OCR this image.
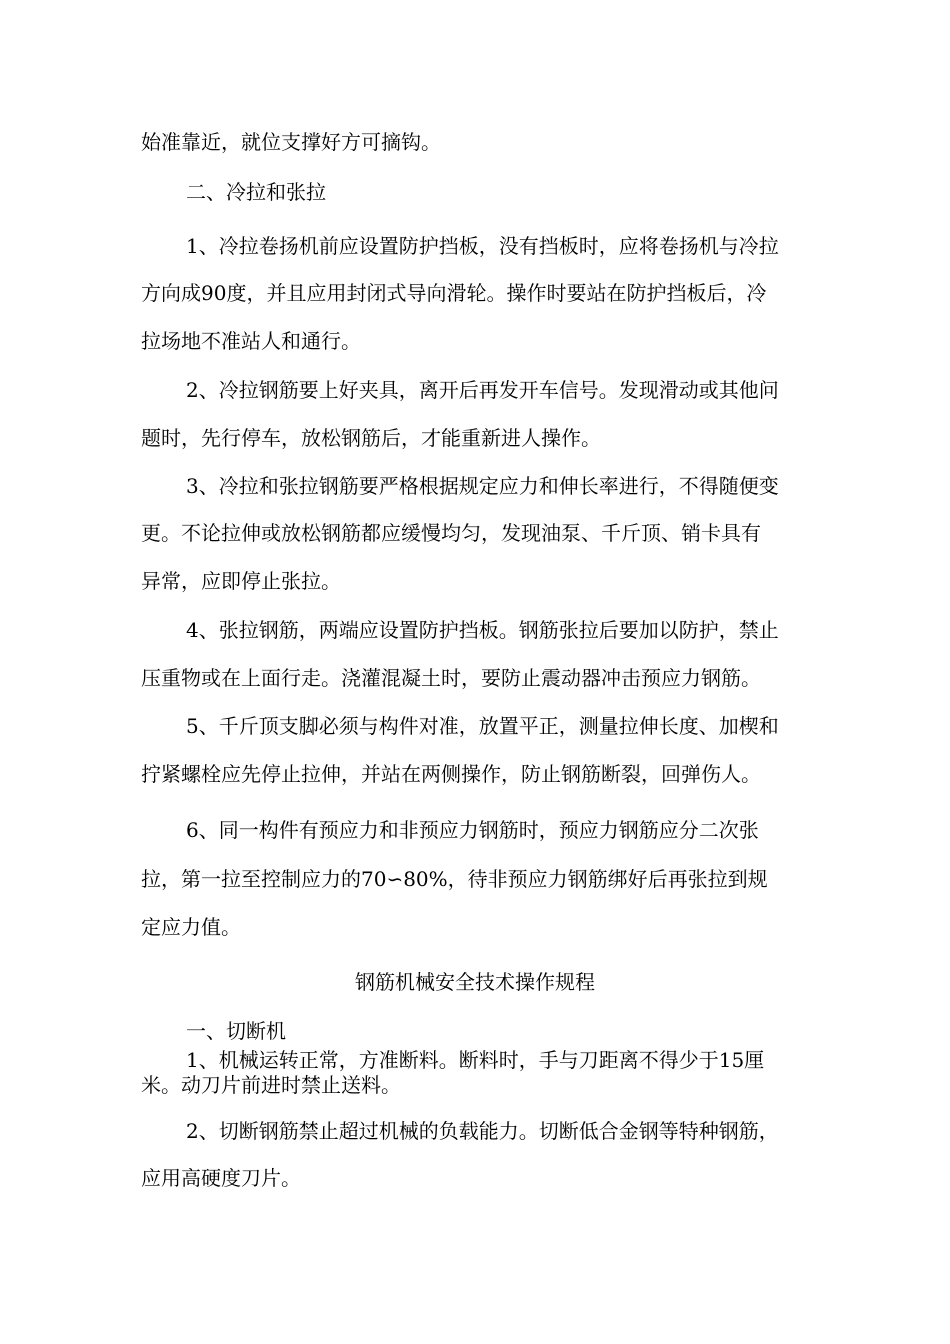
始准靠近，就位支撑好方可摘钩。
二、冷拉和张拉
1、冷拉卷扬机前应设置防护挡板，没有挡板时，应将卷扬机与冷拉
方向成90度，并且应用封闭式导向滑轮。操作时要站在防护挡板后，冷
拉场地不准站人和通行。
2、冷拉钢筋要上好夹具，离开后再发开车信号。发现滑动或其他问
题时，先行停车，放松钢筋后，才能重新进人操作。
3、冷拉和张拉钢筋要严格根据规定应力和伸长率进行，不得随便变
更。不论拉伸或放松钢筋都应缓慢均匀，发现油泵、千斤顶、销卡具有
异常，应即停止张拉。
4、张拉钢筋，两端应设置防护挡板。钢筋张拉后要加以防护，禁止
压重物或在上面行走。浇灌混凝土时，要防止震动器冲击预应力钢筋。
5、千斤顶支脚必须与构件对准，放置平正，测量拉伸长度、加楔和
拧紧螺栓应先停止拉伸，并站在两侧操作，防止钢筋断裂，回弹伤人。
6、同一构件有预应力和非预应力钢筋时，预应力钢筋应分二次张
拉，第一拉至控制应力的70∽80%，待非预应力钢筋绑好后再张拉到规
定应力值。
钢筋机械安全技术操作规程
一、切断机
1、机械运转正常，方准断料。断料时，手与刀距离不得少于15厘
米。动刀片前进时禁止送料。
2、切断钢筋禁止超过机械的负载能力。切断低合金钢等特种钢筋，
应用高硬度刀片。
